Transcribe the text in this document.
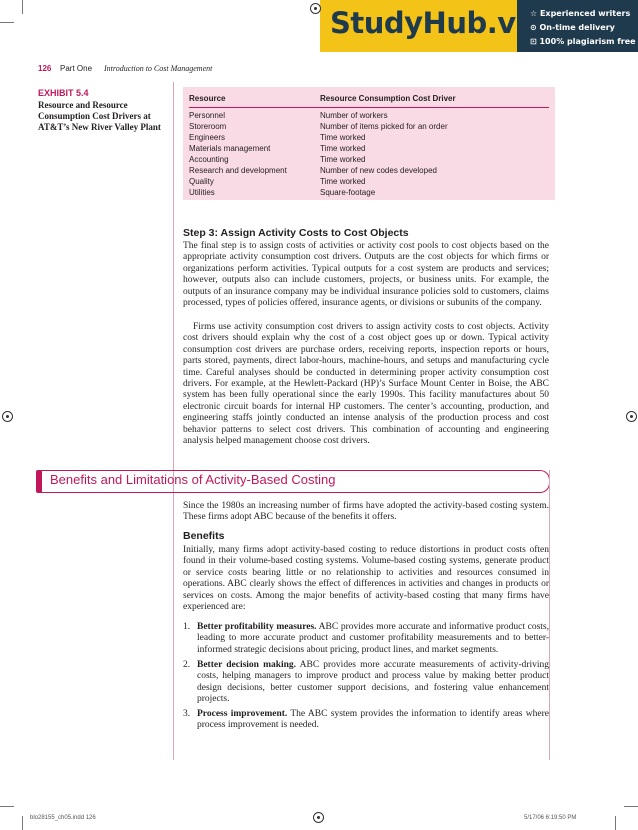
StudyHub.vip
☆ Experienced writers
⊙ On-time delivery
⊡ 100% plagiarism free
126 Part One Introduction to Cost Management
EXHIBIT 5.4
Resource and Resource Consumption Cost Drivers at AT&T’s New River Valley Plant
Resource	Resource Consumption Cost Driver
Personnel	Number of workers
Storeroom	Number of items picked for an order
Engineers	Time worked
Materials management	Time worked
Accounting	Time worked
Research and development	Number of new codes developed
Quality	Time worked
Utilities	Square-footage
Step 3: Assign Activity Costs to Cost Objects
The final step is to assign costs of activities or activity cost pools to cost objects based on the appropriate activity consumption cost drivers. Outputs are the cost objects for which firms or organizations perform activities. Typical outputs for a cost system are products and services; however, outputs also can include customers, projects, or business units. For example, the outputs of an insurance company may be individual insurance policies sold to customers, claims processed, types of policies offered, insurance agents, or divisions or subunits of the company.
Firms use activity consumption cost drivers to assign activity costs to cost objects. Activity cost drivers should explain why the cost of a cost object goes up or down. Typical activity consumption cost drivers are purchase orders, receiving reports, inspection reports or hours, parts stored, payments, direct labor-hours, machine-hours, and setups and manufacturing cycle time. Careful analyses should be conducted in determining proper activity consumption cost drivers. For example, at the Hewlett-Packard (HP)’s Surface Mount Center in Boise, the ABC system has been fully operational since the early 1990s. This facility manufactures about 50 electronic circuit boards for internal HP customers. The center’s accounting, production, and engineering staffs jointly conducted an intense analysis of the production process and cost behavior patterns to select cost drivers. This combination of accounting and engineering analysis helped management choose cost drivers.
Benefits and Limitations of Activity-Based Costing
Since the 1980s an increasing number of firms have adopted the activity-based costing system. These firms adopt ABC because of the benefits it offers.
Benefits
Initially, many firms adopt activity-based costing to reduce distortions in product costs often found in their volume-based costing systems. Volume-based costing systems, generate product or service costs bearing little or no relationship to activities and resources consumed in operations. ABC clearly shows the effect of differences in activities and changes in products or services on costs. Among the major benefits of activity-based costing that many firms have experienced are:
1. Better profitability measures. ABC provides more accurate and informative product costs, leading to more accurate product and customer profitability measurements and to better-informed strategic decisions about pricing, product lines, and market segments.
2. Better decision making. ABC provides more accurate measurements of activity-driving costs, helping managers to improve product and process value by making better product design decisions, better customer support decisions, and fostering value enhancement projects.
3. Process improvement. The ABC system provides the information to identify areas where process improvement is needed.
blo28155_ch05.indd 126	5/17/06 6:19:50 PM
